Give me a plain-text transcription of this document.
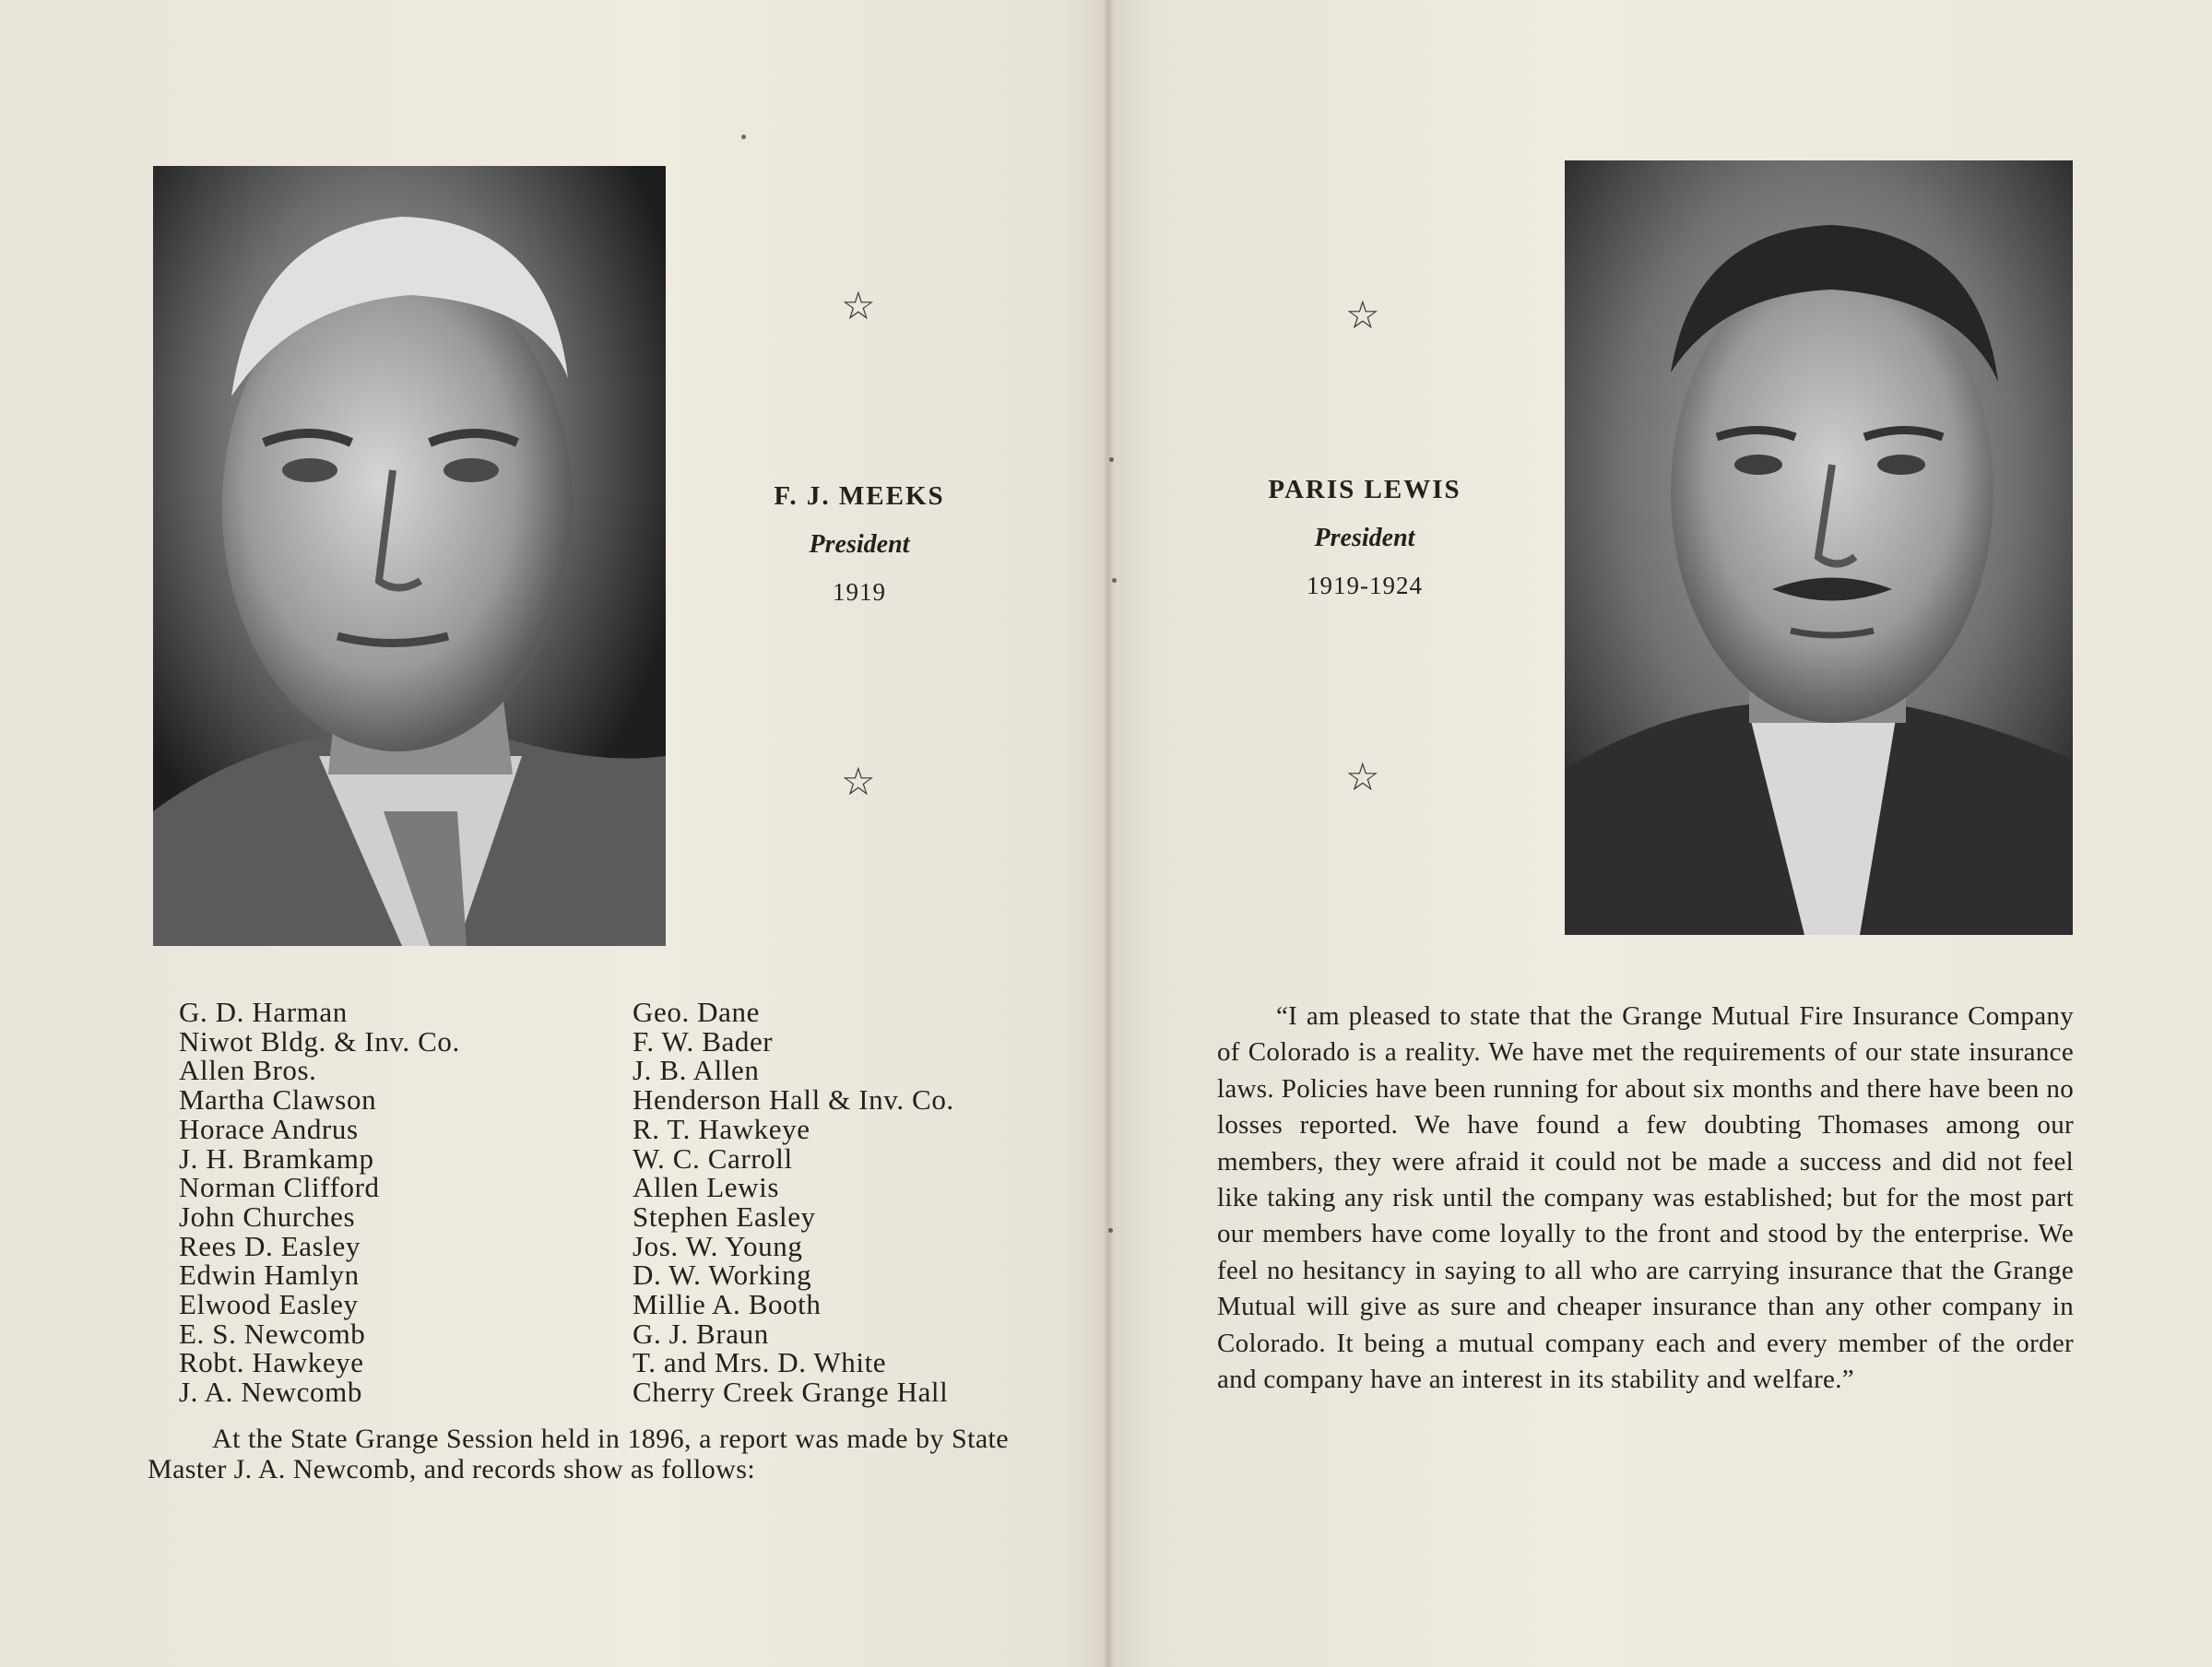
☆
☆
☆
☆
F. J. MEEKS
President
1919
PARIS LEWIS
President
1919-1924
G. D. Harman
Niwot Bldg. & Inv. Co.
Allen Bros.
Martha Clawson
Horace Andrus
J. H. Bramkamp
Norman Clifford
John Churches
Rees D. Easley
Edwin Hamlyn
Elwood Easley
E. S. Newcomb
Robt. Hawkeye
J. A. Newcomb
Geo. Dane
F. W. Bader
J. B. Allen
Henderson Hall & Inv. Co.
R. T. Hawkeye
W. C. Carroll
Allen Lewis
Stephen Easley
Jos. W. Young
D. W. Working
Millie A. Booth
G. J. Braun
T. and Mrs. D. White
Cherry Creek Grange Hall
At the State Grange Session held in 1896, a report was made by State Master J. A. Newcomb, and records show as follows:
“I am pleased to state that the Grange Mutual Fire Insurance Company of Colorado is a reality. We have met the requirements of our state insurance laws. Policies have been running for about six months and there have been no losses reported. We have found a few doubting Thomases among our members, they were afraid it could not be made a success and did not feel like taking any risk until the company was established; but for the most part our members have come loyally to the front and stood by the enterprise. We feel no hesitancy in saying to all who are carrying insurance that the Grange Mutual will give as sure and cheaper insurance than any other company in Colorado. It being a mutual company each and every member of the order and company have an interest in its stability and welfare.”
